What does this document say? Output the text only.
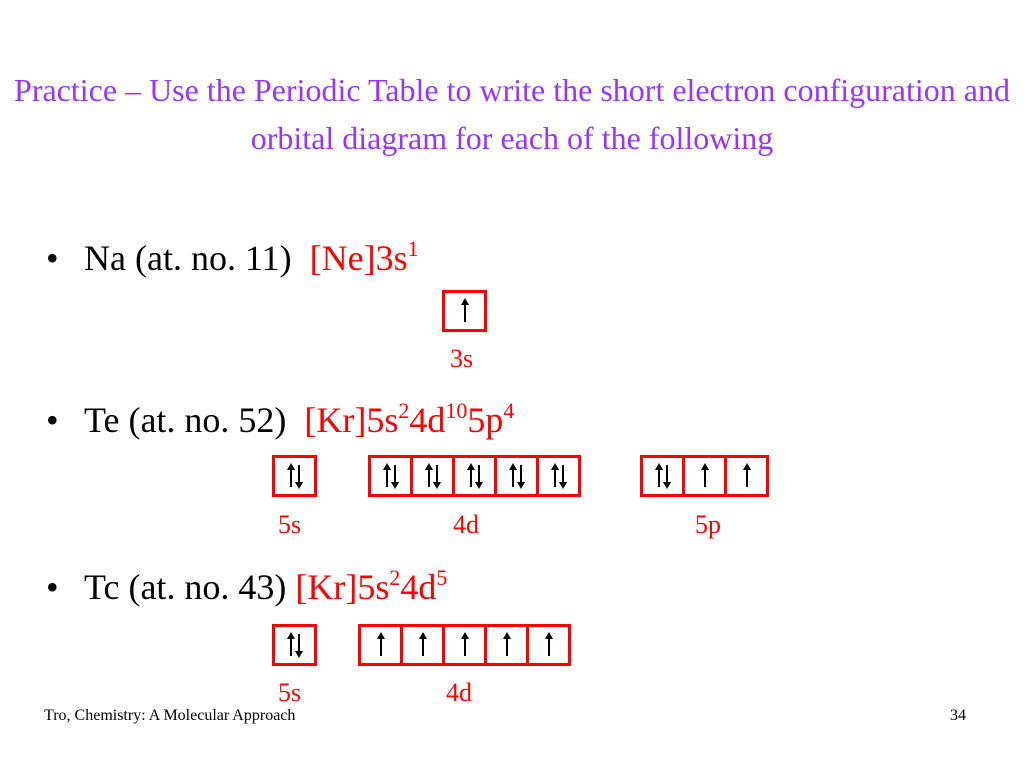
Practice – Use the Periodic Table to write the short electron configuration and orbital diagram for each of the following
• Na (at. no. 11) $[Ne]3s^1$
3s
• Te (at. no. 52) $[Kr]5s^24d^{10}5p^4$
5s	4d	5p
• Tc (at. no. 43) $[Kr]5s^24d^5$
5s	4d
Tro, Chemistry: A Molecular Approach	34
